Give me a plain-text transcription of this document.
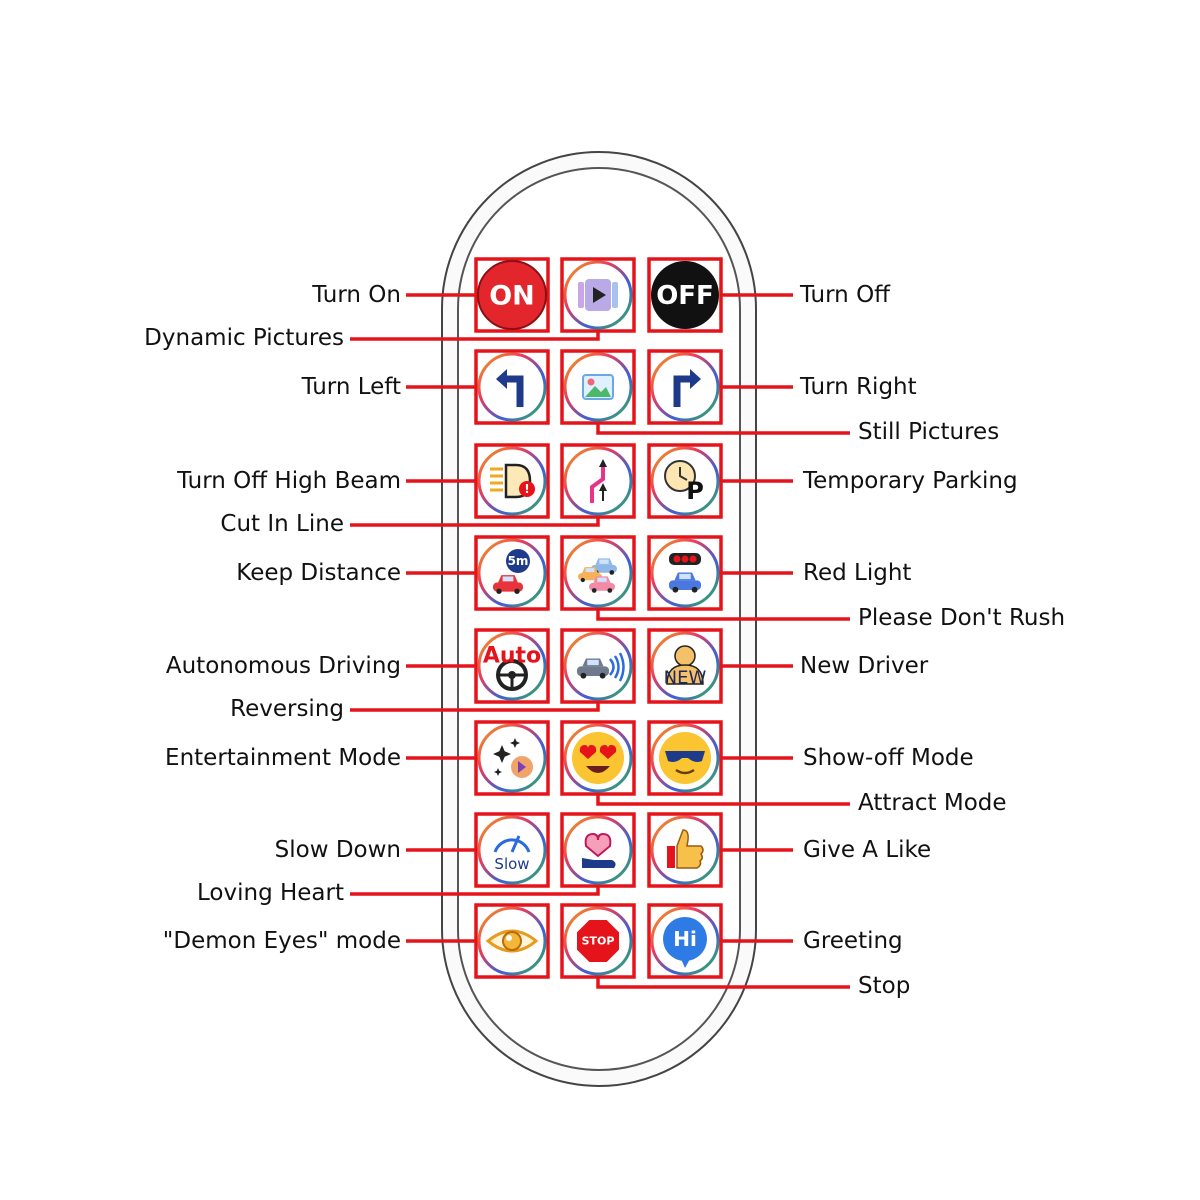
ON	OFF
!	P
5m
Auto
NEW
Slow
STOP	Hi
Turn On
Dynamic Pictures
Turn Off
Turn Left
Still Pictures
Turn Right
Turn Off High Beam
Cut In Line
Temporary Parking
Keep Distance
Please Don't Rush
Red Light
Autonomous Driving
Reversing
New Driver
Entertainment Mode
Attract Mode
Show-off Mode
Slow Down
Loving Heart
Give A Like
"Demon Eyes" mode
Stop
Greeting
